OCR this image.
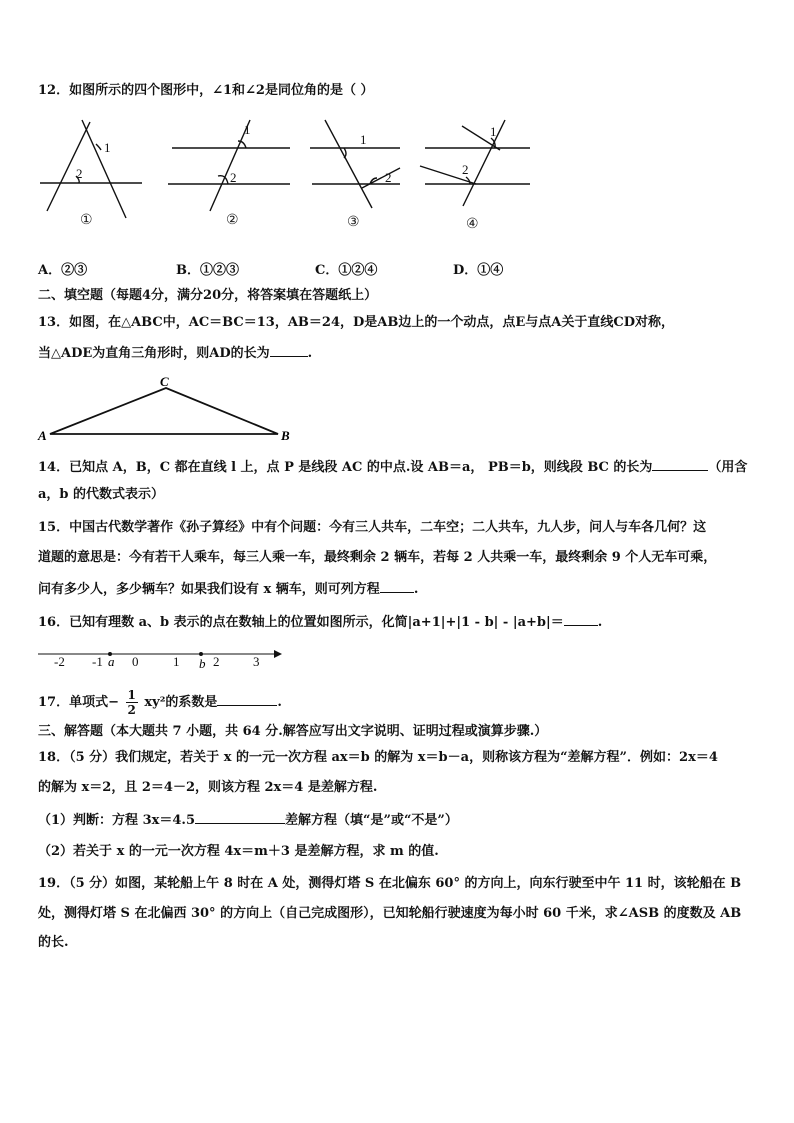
12．如图所示的四个图形中，∠1和∠2是同位角的是（ ）
1
2
1
2
1
2
1
2
①	②	③	④
A．②③	B．①②③	C．①②④	D．①④
二、填空题（每题4分，满分20分，将答案填在答题纸上）
13．如图，在△ABC中，AC＝BC＝13，AB＝24，D是AB边上的一个动点，点E与点A关于直线CD对称，
当△ADE为直角三角形时，则AD的长为	.
C
A	B
14．已知点 A，B，C 都在直线 l 上，点 P 是线段 AC 的中点.设 AB＝a， PB＝b，则线段 BC 的长为	（用含
a，b 的代数式表示）
15．中国古代数学著作《孙子算经》中有个问题：今有三人共车，二车空；二人共车，九人步，问人与车各几何？这
道题的意思是：今有若干人乘车，每三人乘一车，最终剩余 2 辆车，若每 2 人共乘一车，最终剩余 9 个人无车可乘，
问有多少人，多少辆车？如果我们设有 x 辆车，则可列方程	.
16．已知有理数 a、b 表示的点在数轴上的位置如图所示，化简|a+1|+|1 - b| - |a+b|＝	.
-2 -1 0	1	2	3
a	b
17．单项式− $\frac{1}{2} xy^2$的系数是	.
三、解答题（本大题共 7 小题，共 64 分.解答应写出文字说明、证明过程或演算步骤.）
18．（5 分）我们规定，若关于 x 的一元一次方程 ax＝b 的解为 x＝b－a，则称该方程为“差解方程”．例如：2x＝4
的解为 x＝2，且 2＝4－2，则该方程 2x＝4 是差解方程.
（1）判断：方程 3x＝4.5	差解方程（填“是”或“不是”）
（2）若关于 x 的一元一次方程 4x＝m＋3 是差解方程，求 m 的值.
19．（5 分）如图，某轮船上午 8 时在 A 处，测得灯塔 S 在北偏东 60° 的方向上，向东行驶至中午 11 时，该轮船在 B
处，测得灯塔 S 在北偏西 30° 的方向上（自己完成图形），已知轮船行驶速度为每小时 60 千米，求∠ASB 的度数及 AB
的长.
